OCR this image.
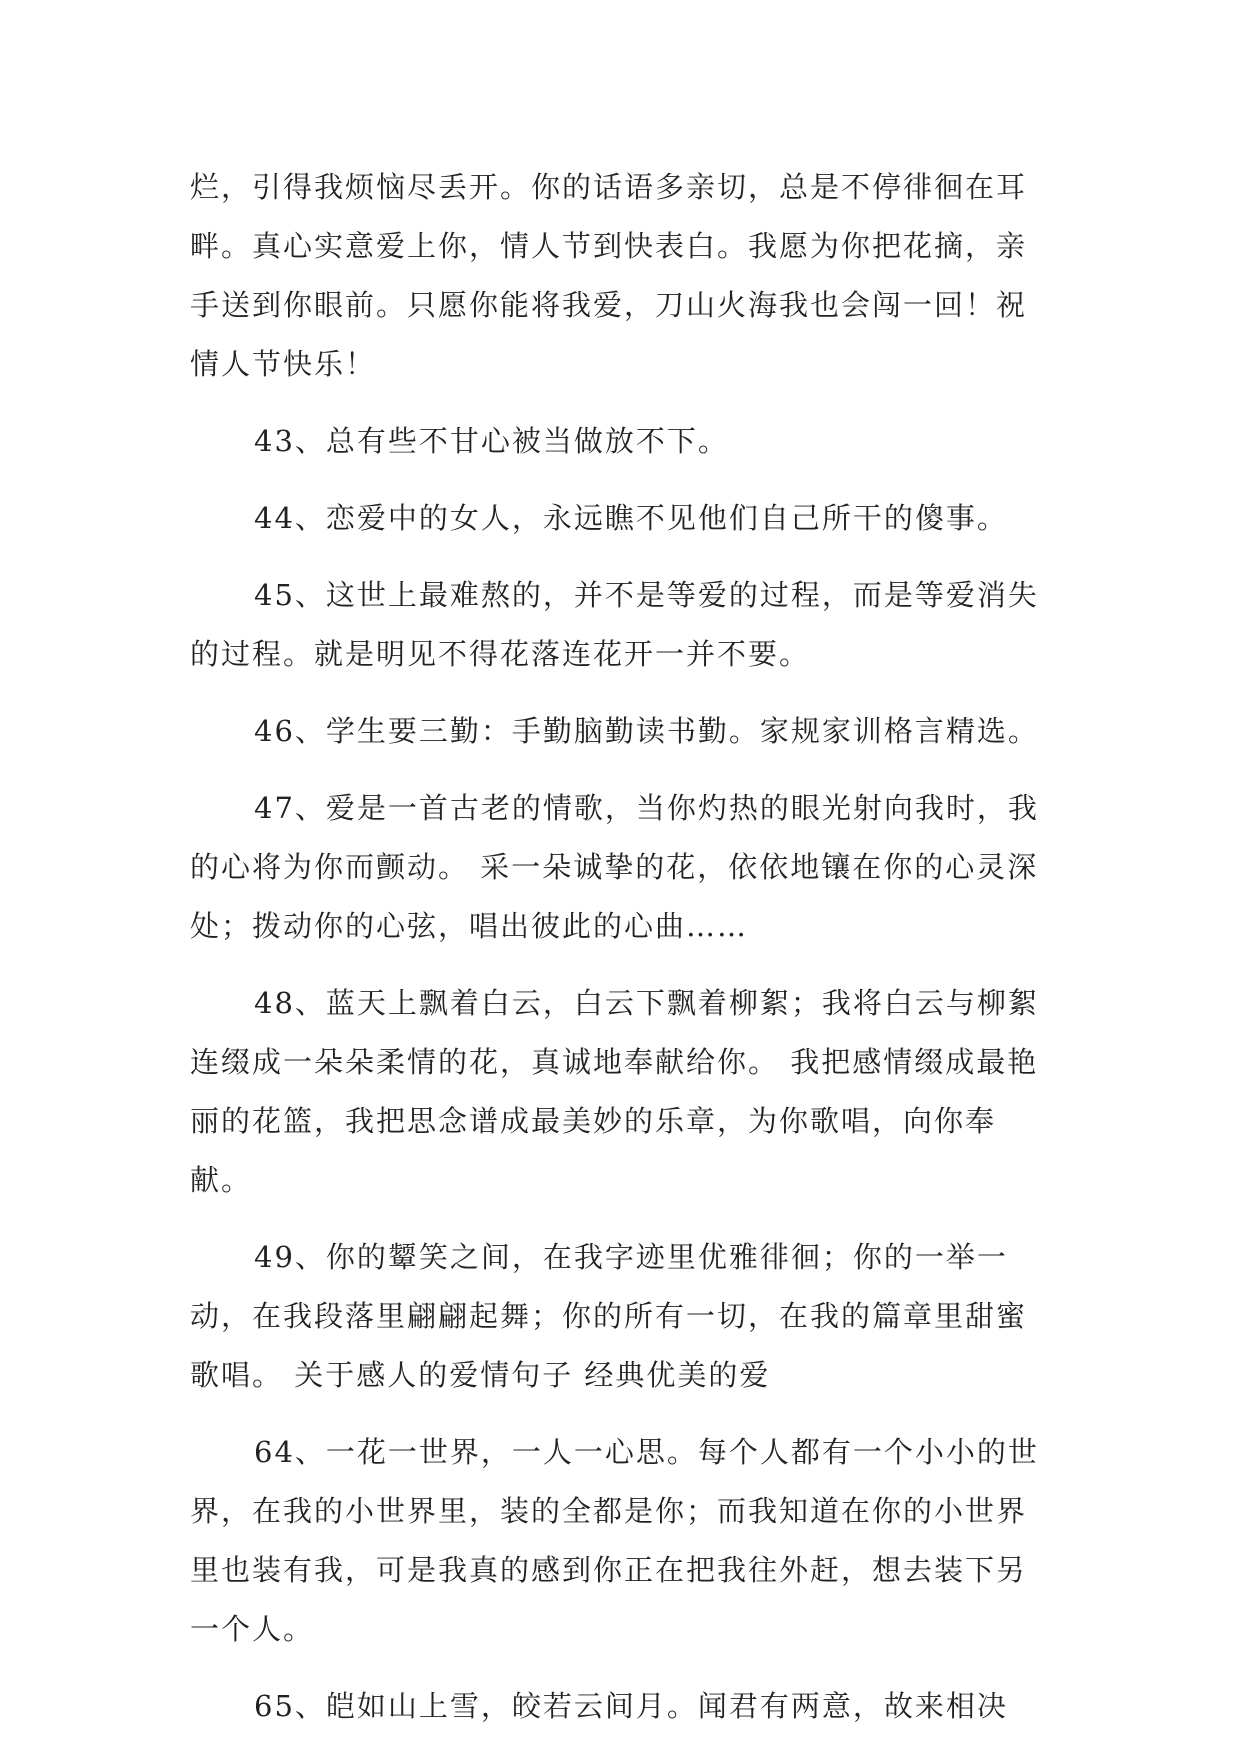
烂，引得我烦恼尽丢开。你的话语多亲切，总是不停徘徊在耳畔。真心实意爱上你，情人节到快表白。我愿为你把花摘，亲手送到你眼前。只愿你能将我爱，刀山火海我也会闯一回！祝情人节快乐！

43、总有些不甘心被当做放不下。

44、恋爱中的女人，永远瞧不见他们自己所干的傻事。

45、这世上最难熬的，并不是等爱的过程，而是等爱消失的过程。就是明见不得花落连花开一并不要。

46、学生要三勤：手勤脑勤读书勤。家规家训格言精选。

47、爱是一首古老的情歌，当你灼热的眼光射向我时，我的心将为你而颤动。 采一朵诚挚的花，依依地镶在你的心灵深处；拨动你的心弦，唱出彼此的心曲……

48、蓝天上飘着白云，白云下飘着柳絮；我将白云与柳絮连缀成一朵朵柔情的花，真诚地奉献给你。 我把感情缀成最艳丽的花篮，我把思念谱成最美妙的乐章，为你歌唱，向你奉献。

49、你的颦笑之间，在我字迹里优雅徘徊；你的一举一动，在我段落里翩翩起舞；你的所有一切，在我的篇章里甜蜜歌唱。 关于感人的爱情句子 经典优美的爱

64、一花一世界，一人一心思。每个人都有一个小小的世界，在我的小世界里，装的全都是你；而我知道在你的小世界里也装有我，可是我真的感到你正在把我往外赶，想去装下另一个人。

65、皑如山上雪，皎若云间月。闻君有两意，故来相决
